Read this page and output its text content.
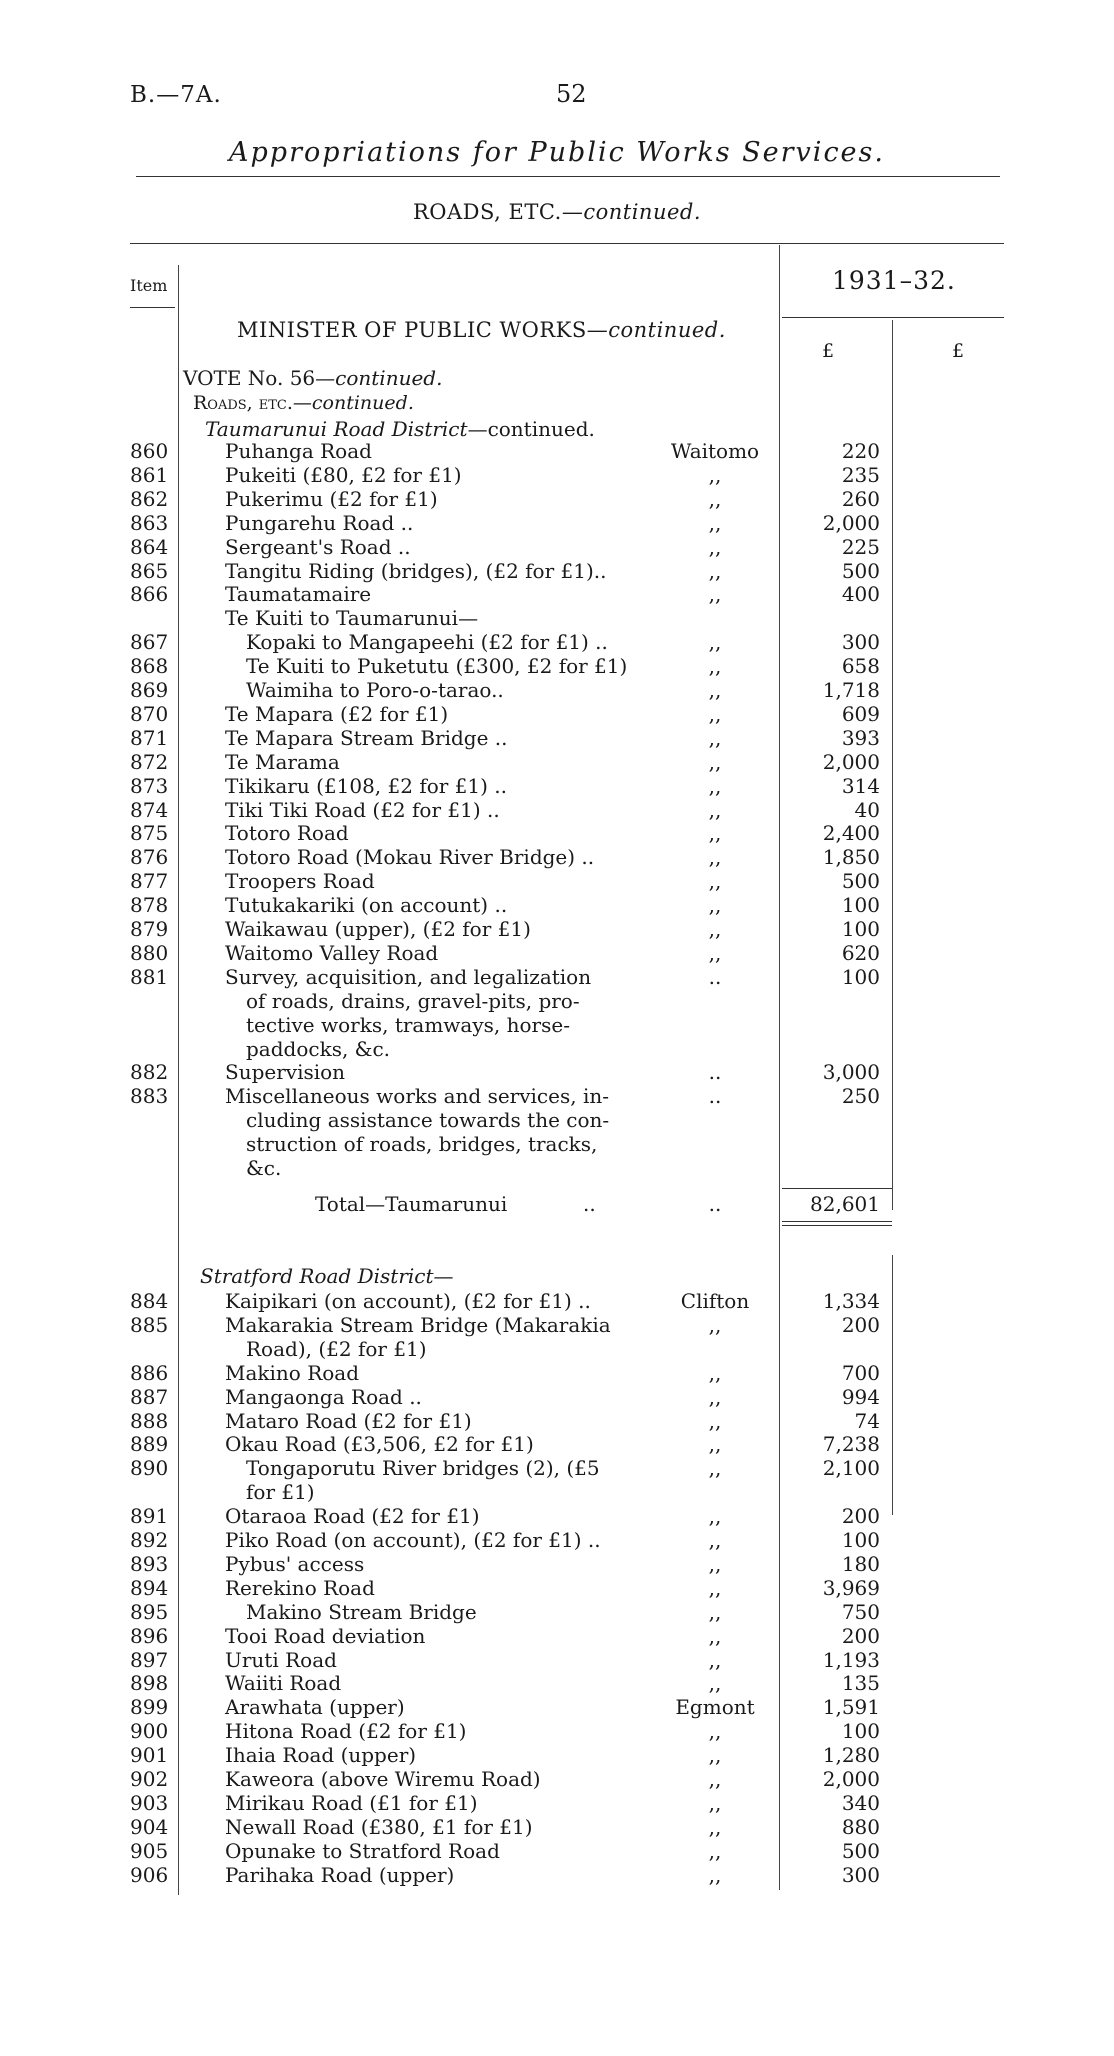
B.—7A.	52
Appropriations for Public Works Services.
ROADS, ETC.—continued.
Item	1931–32.
£	£
MINISTER OF PUBLIC WORKS—continued.
VOTE No. 56—continued.
Roads, etc.—continued.
Taumarunui Road District—continued.
860	Puhanga Road	Waitomo	220
861	Pukeiti (£80, £2 for £1)	,,	235
862	Pukerimu (£2 for £1)	,,	260
863	Pungarehu Road ..	,,	2,000
864	Sergeant's Road ..	,,	225
865	Tangitu Riding (bridges), (£2 for £1)..	,,	500
866	Taumatamaire	,,	400
Te Kuiti to Taumarunui—
867	Kopaki to Mangapeehi (£2 for £1) ..	,,	300
868	Te Kuiti to Puketutu (£300, £2 for £1)	,,	658
869	Waimiha to Poro-o-tarao..	,,	1,718
870	Te Mapara (£2 for £1)	,,	609
871	Te Mapara Stream Bridge ..	,,	393
872	Te Marama	,,	2,000
873	Tikikaru (£108, £2 for £1) ..	,,	314
874	Tiki Tiki Road (£2 for £1) ..	,,	40
875	Totoro Road	,,	2,400
876	Totoro Road (Mokau River Bridge) ..	,,	1,850
877	Troopers Road	,,	500
878	Tutukakariki (on account) ..	,,	100
879	Waikawau (upper), (£2 for £1)	,,	100
880	Waitomo Valley Road	,,	620
881	Survey, acquisition, and legalization	..	100
of roads, drains, gravel-pits, pro-
tective works, tramways, horse-
paddocks, &c.
882	Supervision	..	3,000
883	Miscellaneous works and services, in-	..	250
cluding assistance towards the con-
struction of roads, bridges, tracks,
&c.
Total—Taumarunui	..	..	82,601
Stratford Road District—
884	Kaipikari (on account), (£2 for £1) ..	Clifton	1,334
885	Makarakia Stream Bridge (Makarakia	,,	200
Road), (£2 for £1)
886	Makino Road	,,	700
887	Mangaonga Road ..	,,	994
888	Mataro Road (£2 for £1)	,,	74
889	Okau Road (£3,506, £2 for £1)	,,	7,238
890	Tongaporutu River bridges (2), (£5	,,	2,100
for £1)
891	Otaraoa Road (£2 for £1)	,,	200
892	Piko Road (on account), (£2 for £1) ..	,,	100
893	Pybus' access	,,	180
894	Rerekino Road	,,	3,969
895	Makino Stream Bridge	,,	750
896	Tooi Road deviation	,,	200
897	Uruti Road	,,	1,193
898	Waiiti Road	,,	135
899	Arawhata (upper)	Egmont	1,591
900	Hitona Road (£2 for £1)	,,	100
901	Ihaia Road (upper)	,,	1,280
902	Kaweora (above Wiremu Road)	,,	2,000
903	Mirikau Road (£1 for £1)	,,	340
904	Newall Road (£380, £1 for £1)	,,	880
905	Opunake to Stratford Road	,,	500
906	Parihaka Road (upper)	,,	300
